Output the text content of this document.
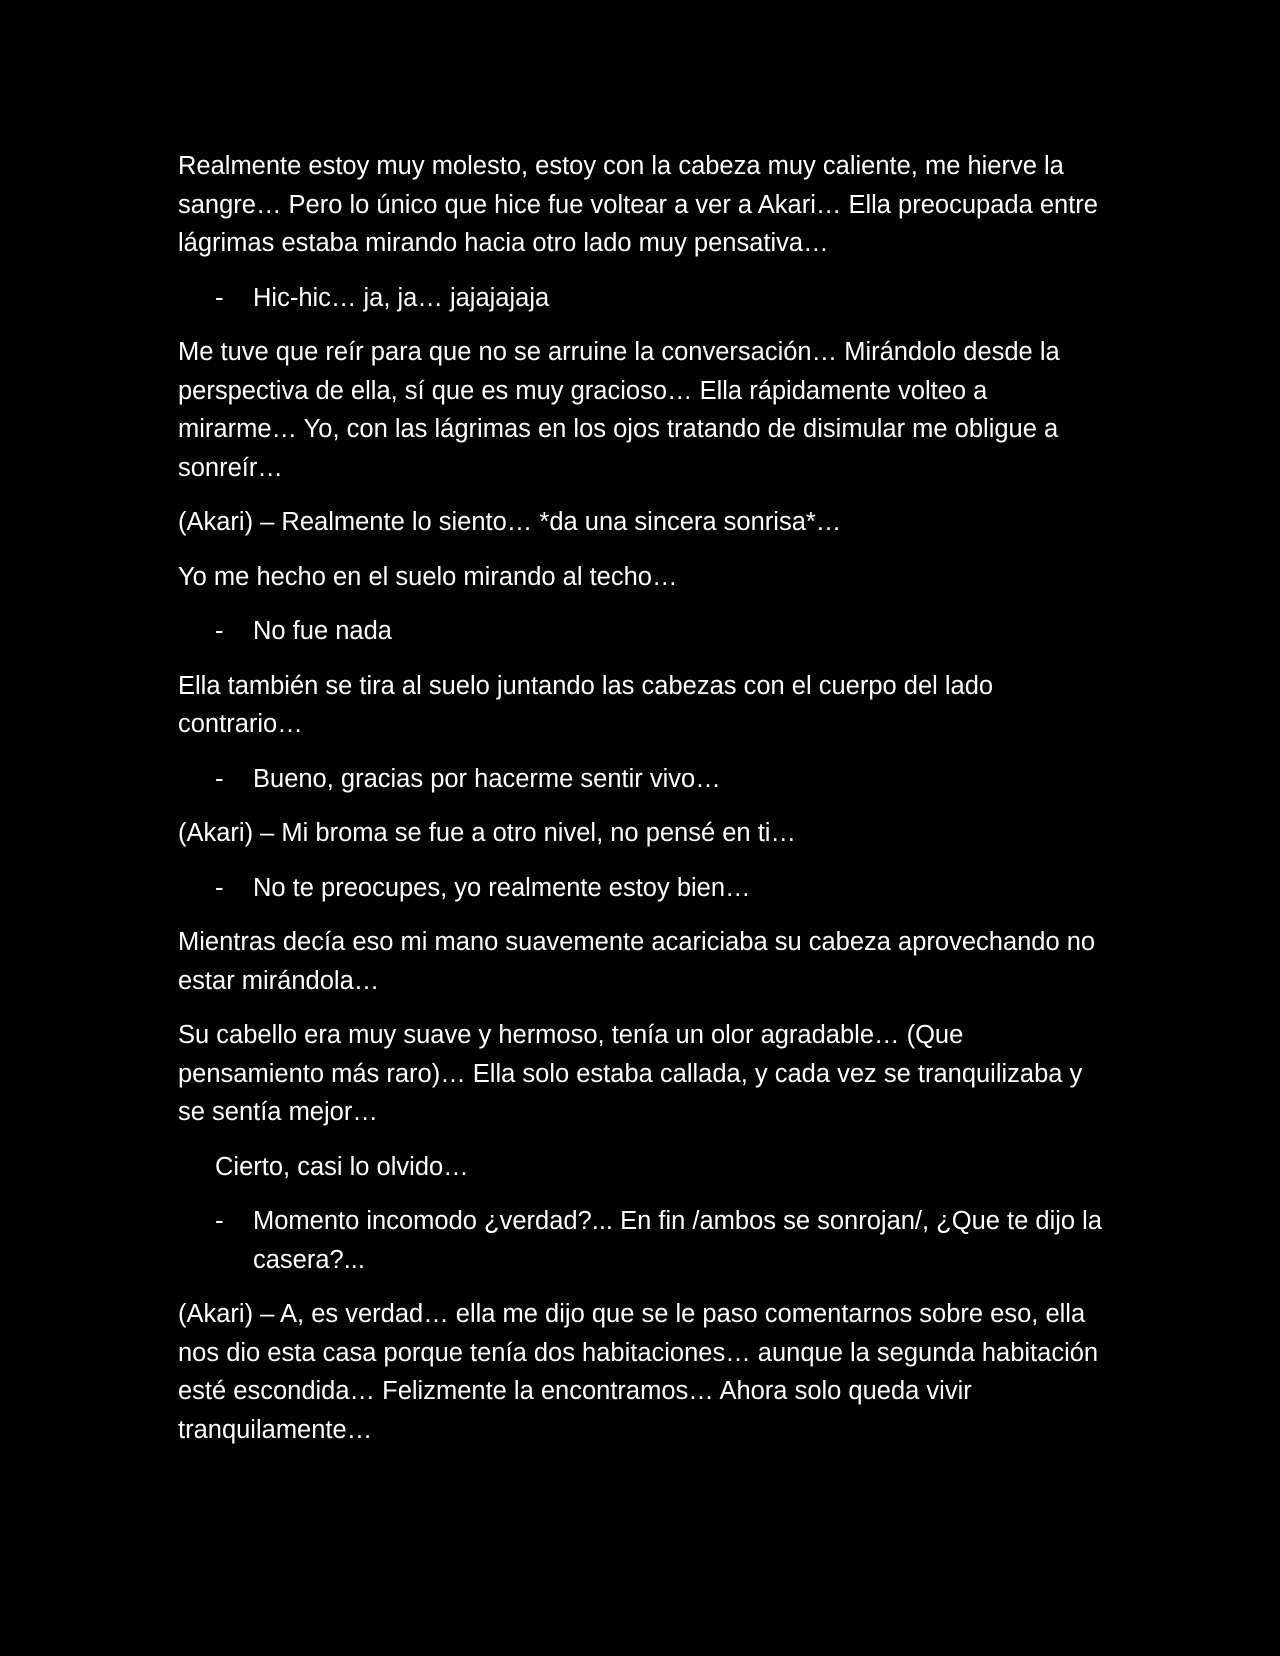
Realmente estoy muy molesto, estoy con la cabeza muy caliente, me hierve la sangre… Pero lo único que hice fue voltear a ver a Akari… Ella preocupada entre lágrimas estaba mirando hacia otro lado muy pensativa…

- Hic-hic… ja, ja… jajajajaja

Me tuve que reír para que no se arruine la conversación… Mirándolo desde la perspectiva de ella, sí que es muy gracioso… Ella rápidamente volteo a mirarme… Yo, con las lágrimas en los ojos tratando de disimular me obligue a sonreír…

(Akari) – Realmente lo siento… *da una sincera sonrisa*…

Yo me hecho en el suelo mirando al techo…

- No fue nada

Ella también se tira al suelo juntando las cabezas con el cuerpo del lado contrario…

- Bueno, gracias por hacerme sentir vivo…

(Akari) – Mi broma se fue a otro nivel, no pensé en ti…

- No te preocupes, yo realmente estoy bien…

Mientras decía eso mi mano suavemente acariciaba su cabeza aprovechando no estar mirándola…

Su cabello era muy suave y hermoso, tenía un olor agradable… (Que pensamiento más raro)… Ella solo estaba callada, y cada vez se tranquilizaba y se sentía mejor…

Cierto, casi lo olvido…

- Momento incomodo ¿verdad?... En fin /ambos se sonrojan/, ¿Que te dijo la casera?...

(Akari) – A, es verdad… ella me dijo que se le paso comentarnos sobre eso, ella nos dio esta casa porque tenía dos habitaciones… aunque la segunda habitación esté escondida… Felizmente la encontramos… Ahora solo queda vivir tranquilamente…
